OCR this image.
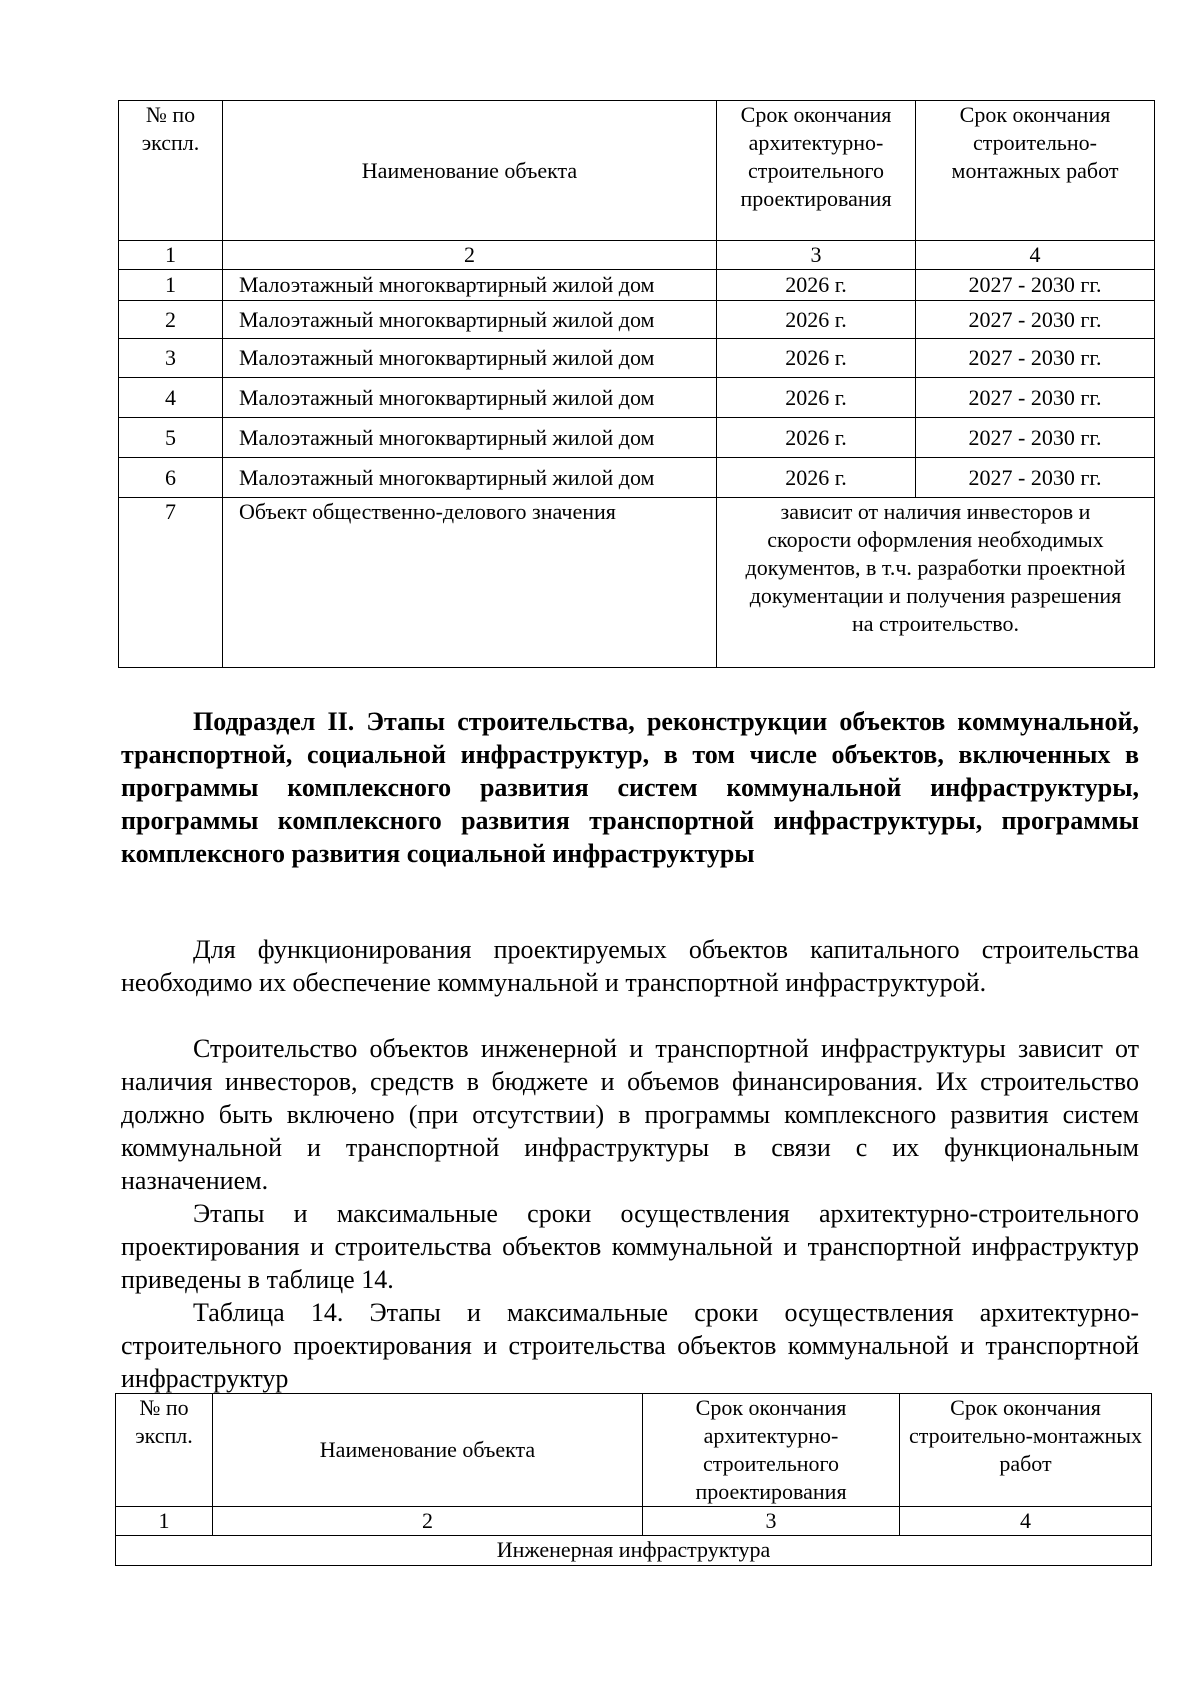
№ по экспл.	Наименование объекта	Срок окончания архитектурно-строительного проектирования	Срок окончания строительно-монтажных работ
1	2	3	4
1	Малоэтажный многоквартирный жилой дом	2026 г.	2027 - 2030 гг.
2	Малоэтажный многоквартирный жилой дом	2026 г.	2027 - 2030 гг.
3	Малоэтажный многоквартирный жилой дом	2026 г.	2027 - 2030 гг.
4	Малоэтажный многоквартирный жилой дом	2026 г.	2027 - 2030 гг.
5	Малоэтажный многоквартирный жилой дом	2026 г.	2027 - 2030 гг.
6	Малоэтажный многоквартирный жилой дом	2026 г.	2027 - 2030 гг.
7	Объект общественно-делового значения	зависит от наличия инвесторов и скорости оформления необходимых документов, в т.ч. разработки проектной документации и получения разрешения на строительство.	
Подраздел II. Этапы строительства, реконструкции объектов коммунальной, транспортной, социальной инфраструктур, в том числе объектов, включенных в программы комплексного развития систем коммунальной инфраструктуры, программы комплексного развития транспортной инфраструктуры, программы комплексного развития социальной инфраструктуры

Для функционирования проектируемых объектов капитального строительства необходимо их обеспечение коммунальной и транспортной инфраструктурой.

Строительство объектов инженерной и транспортной инфраструктуры зависит от наличия инвесторов, средств в бюджете и объемов финансирования. Их строительство должно быть включено (при отсутствии) в программы комплексного развития систем коммунальной и транспортной инфраструктуры в связи с их функциональным назначением.

Этапы и максимальные сроки осуществления архитектурно-строительного проектирования и строительства объектов коммунальной и транспортной инфраструктур приведены в таблице 14.

Таблица 14. Этапы и максимальные сроки осуществления архитектурно-строительного проектирования и строительства объектов коммунальной и транспортной инфраструктур

№ по экспл.	Наименование объекта	Срок окончания архитектурно-строительного проектирования	Срок окончания строительно-монтажных работ
1	2	3	4
Инженерная инфраструктура			
